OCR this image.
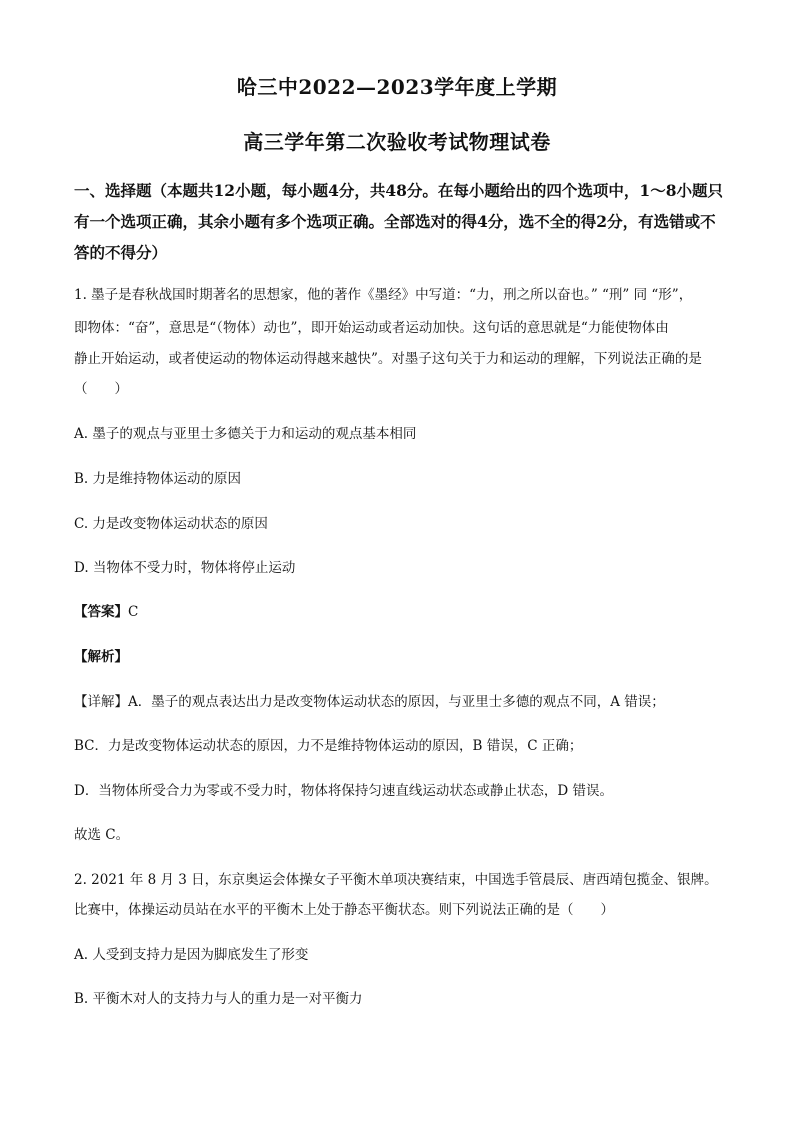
哈三中2022—2023学年度上学期
高三学年第二次验收考试物理试卷
一、选择题（本题共12小题，每小题4分，共48分。在每小题给出的四个选项中，1～8小题只有一个选项正确，其余小题有多个选项正确。全部选对的得4分，选不全的得2分，有选错或不答的不得分）
1. 墨子是春秋战国时期著名的思想家，他的著作《墨经》中写道：“力，刑之所以奋也。” “刑” 同 “形”，
即物体：“奋”，意思是“（物体）动也”，即开始运动或者运动加快。这句话的意思就是“力能使物体由
静止开始运动，或者使运动的物体运动得越来越快”。对墨子这句关于力和运动的理解，下列说法正确的是
（　　）
A. 墨子的观点与亚里士多德关于力和运动的观点基本相同
B. 力是维持物体运动的原因
C. 力是改变物体运动状态的原因
D. 当物体不受力时，物体将停止运动
【答案】C
【解析】
【详解】A．墨子的观点表达出力是改变物体运动状态的原因，与亚里士多德的观点不同，A 错误；
BC．力是改变物体运动状态的原因，力不是维持物体运动的原因，B 错误，C 正确；
D．当物体所受合力为零或不受力时，物体将保持匀速直线运动状态或静止状态，D 错误。
故选 C。
2. 2021 年 8 月 3 日，东京奥运会体操女子平衡木单项决赛结束，中国选手管晨辰、唐西靖包揽金、银牌。
比赛中，体操运动员站在水平的平衡木上处于静态平衡状态。则下列说法正确的是（　　）
A. 人受到支持力是因为脚底发生了形变
B. 平衡木对人的支持力与人的重力是一对平衡力
